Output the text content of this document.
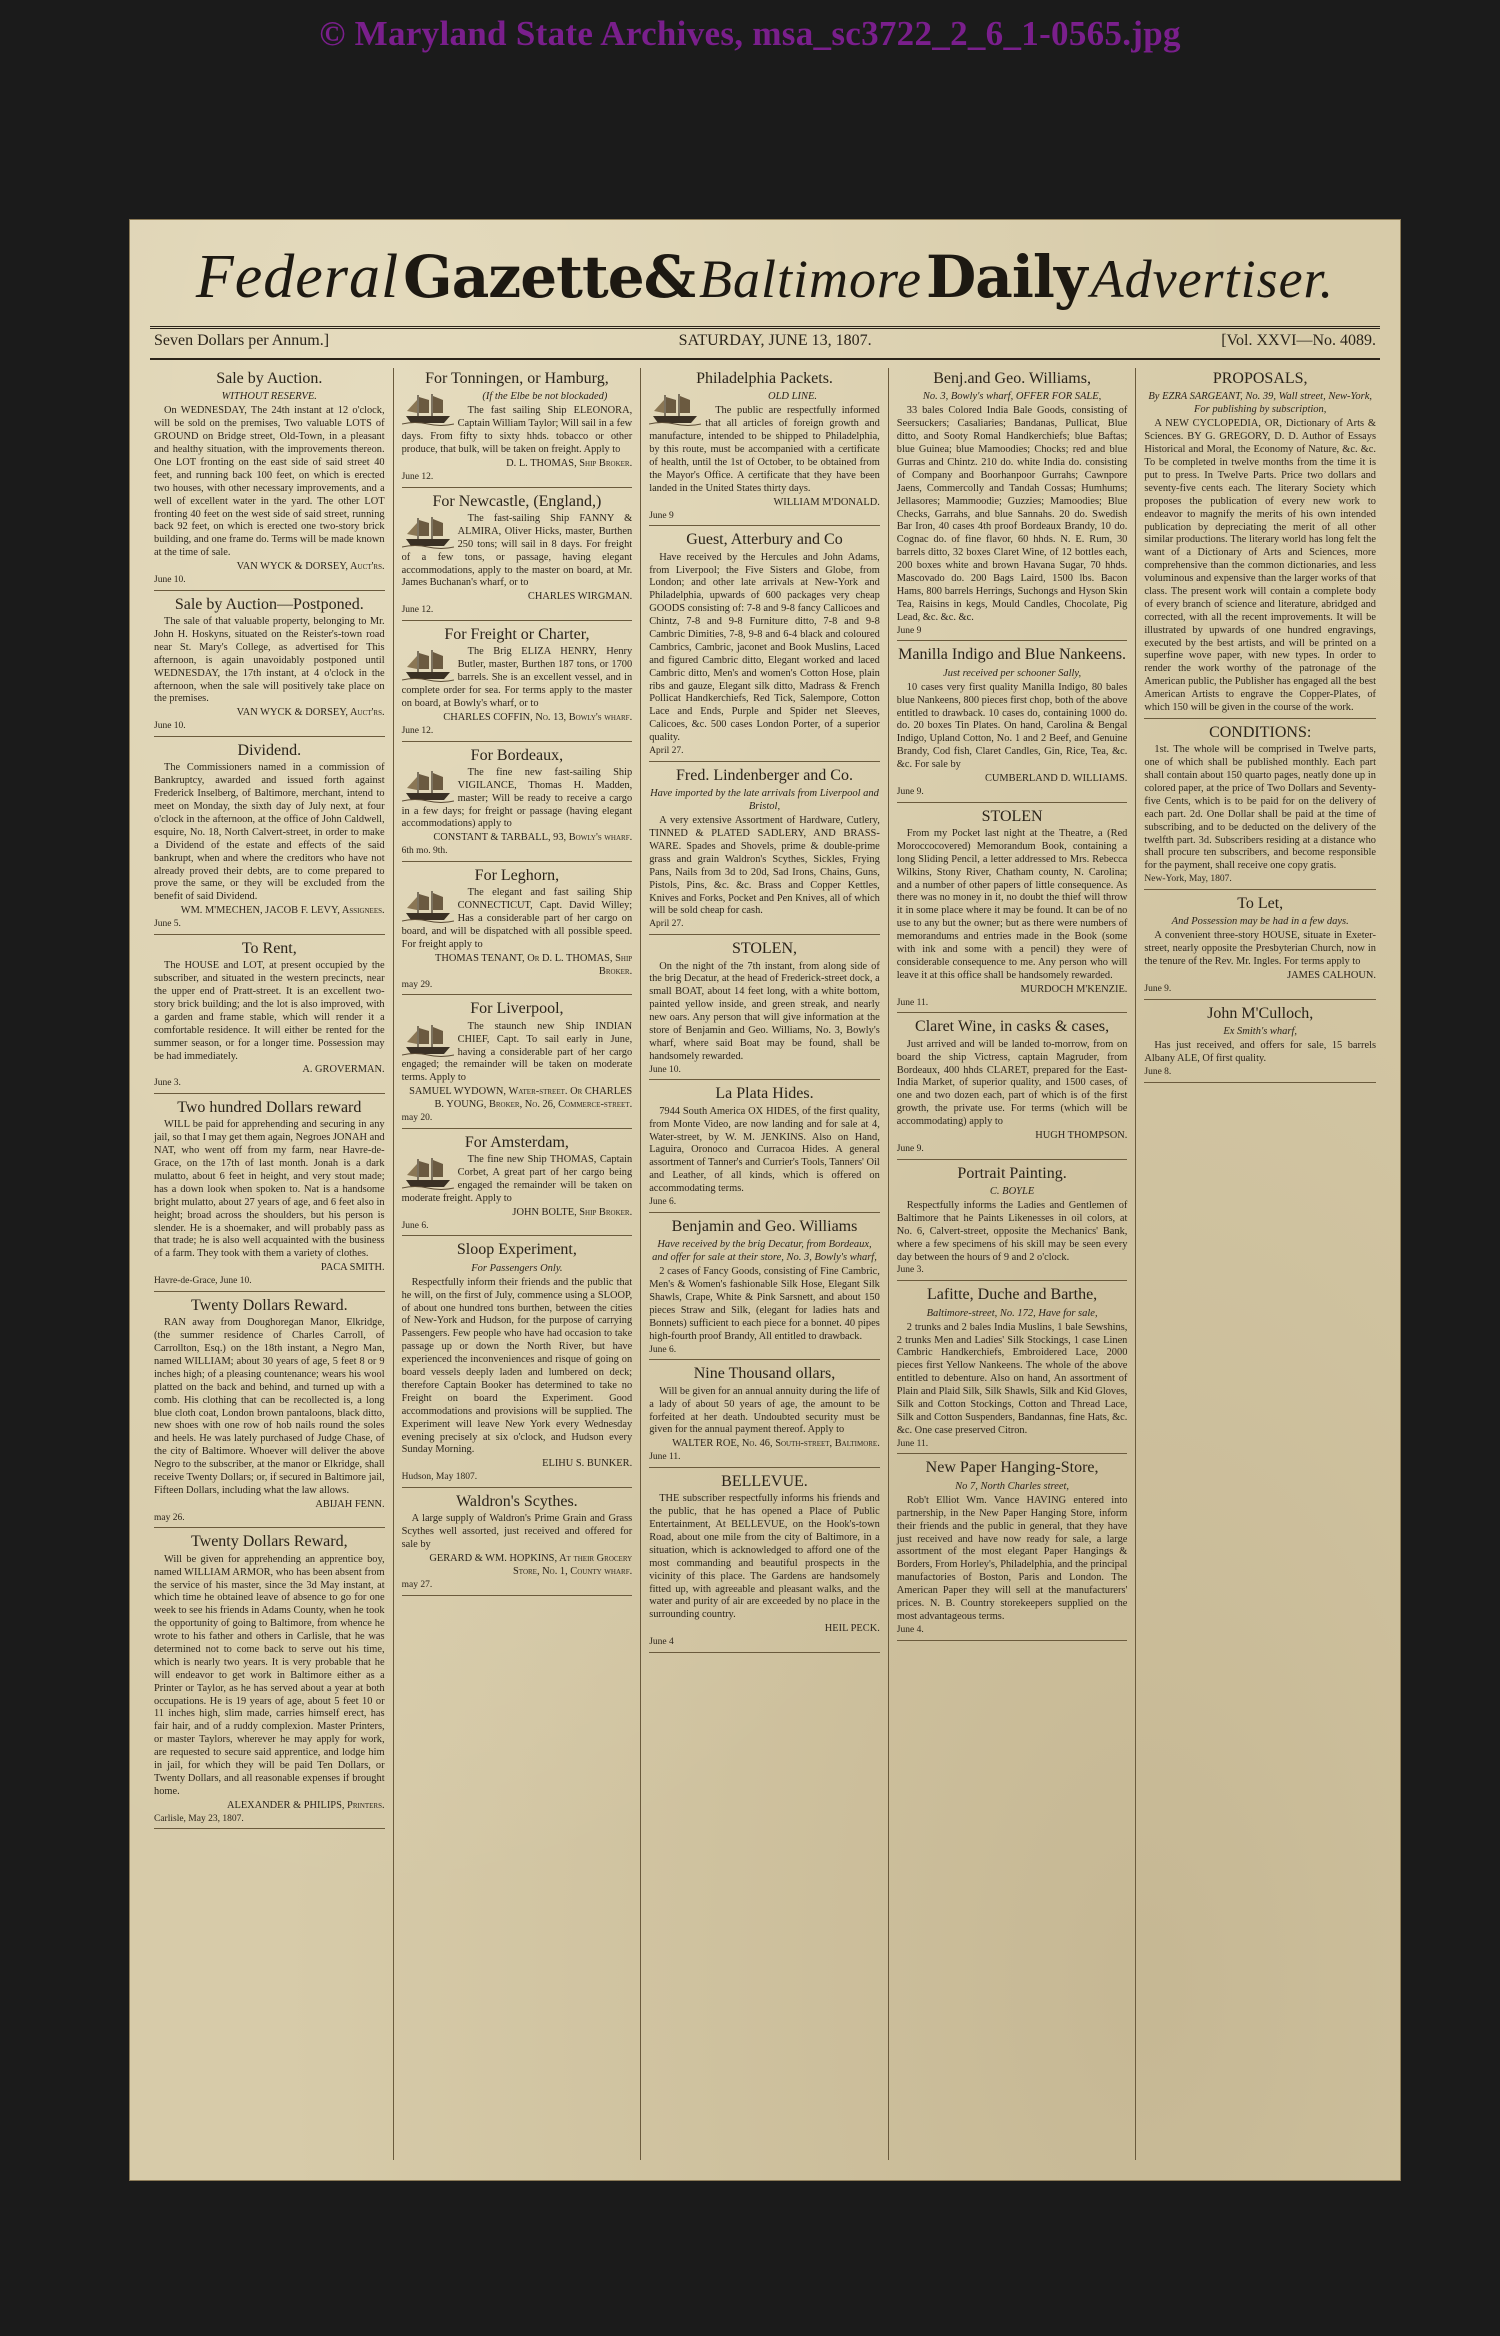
© Maryland State Archives, msa_sc3722_2_6_1-0565.jpg
Federal Gazette& Baltimore Daily Advertiser.
Seven Dollars per Annum.]	SATURDAY, JUNE 13, 1807.	[Vol. XXVI—No. 4089.
Sale by Auction.
WITHOUT RESERVE.

On WEDNESDAY, The 24th instant at 12 o'clock, will be sold on the premises, Two valuable LOTS of GROUND on Bridge street, Old-Town, in a pleasant and healthy situation, with the improvements thereon. One LOT fronting on the east side of said street 40 feet, and running back 100 feet, on which is erected two houses, with other necessary improvements, and a well of excellent water in the yard. The other LOT fronting 40 feet on the west side of said street, running back 92 feet, on which is erected one two-story brick building, and one frame do. Terms will be made known at the time of sale.

VAN WYCK & DORSEY, Auct'rs.
June 10.
Sale by Auction—Postponed.

The sale of that valuable property, belonging to Mr. John H. Hoskyns, situated on the Reister's-town road near St. Mary's College, as advertised for This afternoon, is again unavoidably postponed until WEDNESDAY, the 17th instant, at 4 o'clock in the afternoon, when the sale will positively take place on the premises.

VAN WYCK & DORSEY, Auct'rs.
June 10.
Dividend.

The Commissioners named in a commission of Bankruptcy, awarded and issued forth against Frederick Inselberg, of Baltimore, merchant, intend to meet on Monday, the sixth day of July next, at four o'clock in the afternoon, at the office of John Caldwell, esquire, No. 18, North Calvert-street, in order to make a Dividend of the estate and effects of the said bankrupt, when and where the creditors who have not already proved their debts, are to come prepared to prove the same, or they will be excluded from the benefit of said Dividend.

WM. M'MECHEN, JACOB F. LEVY, Assignees.
June 5.
To Rent,

The HOUSE and LOT, at present occupied by the subscriber, and situated in the western precincts, near the upper end of Pratt-street. It is an excellent two-story brick building; and the lot is also improved, with a garden and frame stable, which will render it a comfortable residence. It will either be rented for the summer season, or for a longer time. Possession may be had immediately.

A. GROVERMAN.
June 3.
Two hundred Dollars reward

WILL be paid for apprehending and securing in any jail, so that I may get them again, Negroes JONAH and NAT, who went off from my farm, near Havre-de-Grace, on the 17th of last month. Jonah is a dark mulatto, about 6 feet in height, and very stout made; has a down look when spoken to. Nat is a handsome bright mulatto, about 27 years of age, and 6 feet also in height; broad across the shoulders, but his person is slender. He is a shoemaker, and will probably pass as that trade; he is also well acquainted with the business of a farm. They took with them a variety of clothes.

PACA SMITH.
Havre-de-Grace, June 10.
Twenty Dollars Reward.

RAN away from Doughoregan Manor, Elkridge, (the summer residence of Charles Carroll, of Carrollton, Esq.) on the 18th instant, a Negro Man, named WILLIAM; about 30 years of age, 5 feet 8 or 9 inches high; of a pleasing countenance; wears his wool platted on the back and behind, and turned up with a comb. His clothing that can be recollected is, a long blue cloth coat, London brown pantaloons, black ditto, new shoes with one row of hob nails round the soles and heels. He was lately purchased of Judge Chase, of the city of Baltimore. Whoever will deliver the above Negro to the subscriber, at the manor or Elkridge, shall receive Twenty Dollars; or, if secured in Baltimore jail, Fifteen Dollars, including what the law allows.

ABIJAH FENN.
may 26.
Twenty Dollars Reward,

Will be given for apprehending an apprentice boy, named WILLIAM ARMOR, who has been absent from the service of his master, since the 3d May instant, at which time he obtained leave of absence to go for one week to see his friends in Adams County, when he took the opportunity of going to Baltimore, from whence he wrote to his father and others in Carlisle, that he was determined not to come back to serve out his time, which is nearly two years. It is very probable that he will endeavor to get work in Baltimore either as a Printer or Taylor, as he has served about a year at both occupations. He is 19 years of age, about 5 feet 10 or 11 inches high, slim made, carries himself erect, has fair hair, and of a ruddy complexion. Master Printers, or master Taylors, wherever he may apply for work, are requested to secure said apprentice, and lodge him in jail, for which they will be paid Ten Dollars, or Twenty Dollars, and all reasonable expenses if brought home.

ALEXANDER & PHILIPS, Printers.
Carlisle, May 23, 1807.
For Tonningen, or Hamburg,
(If the Elbe be not blockaded)

The fast sailing Ship ELEONORA, Captain William Taylor; Will sail in a few days. From fifty to sixty hhds. tobacco or other produce, that bulk, will be taken on freight. Apply to

D. L. THOMAS, Ship Broker.
June 12.
For Newcastle, (England,)

The fast-sailing Ship FANNY & ALMIRA, Oliver Hicks, master, Burthen 250 tons; will sail in 8 days. For freight of a few tons, or passage, having elegant accommodations, apply to the master on board, at Mr. James Buchanan's wharf, or to

CHARLES WIRGMAN.
June 12.
For Freight or Charter,

The Brig ELIZA HENRY, Henry Butler, master, Burthen 187 tons, or 1700 barrels. She is an excellent vessel, and in complete order for sea. For terms apply to the master on board, at Bowly's wharf, or to

CHARLES COFFIN, No. 13, Bowly's wharf.
June 12.
For Bordeaux,

The fine new fast-sailing Ship VIGILANCE, Thomas H. Madden, master; Will be ready to receive a cargo in a few days; for freight or passage (having elegant accommodations) apply to

CONSTANT & TARBALL, 93, Bowly's wharf.
6th mo. 9th.
For Leghorn,

The elegant and fast sailing Ship CONNECTICUT, Capt. David Willey; Has a considerable part of her cargo on board, and will be dispatched with all possible speed. For freight apply to

THOMAS TENANT, Or D. L. THOMAS, Ship Broker.
may 29.
For Liverpool,

The staunch new Ship INDIAN CHIEF, Capt. To sail early in June, having a considerable part of her cargo engaged; the remainder will be taken on moderate terms. Apply to

SAMUEL WYDOWN, Water-street. Or CHARLES B. YOUNG, Broker, No. 26, Commerce-street.
may 20.
For Amsterdam,

The fine new Ship THOMAS, Captain Corbet, A great part of her cargo being engaged the remainder will be taken on moderate freight. Apply to

JOHN BOLTE, Ship Broker.
June 6.
Sloop Experiment,
For Passengers Only.

Respectfully inform their friends and the public that he will, on the first of July, commence using a SLOOP, of about one hundred tons burthen, between the cities of New-York and Hudson, for the purpose of carrying Passengers. Few people who have had occasion to take passage up or down the North River, but have experienced the inconveniences and risque of going on board vessels deeply laden and lumbered on deck; therefore Captain Booker has determined to take no Freight on board the Experiment. Good accommodations and provisions will be supplied. The Experiment will leave New York every Wednesday evening precisely at six o'clock, and Hudson every Sunday Morning.

ELIHU S. BUNKER.
Hudson, May 1807.
Waldron's Scythes.

A large supply of Waldron's Prime Grain and Grass Scythes well assorted, just received and offered for sale by

GERARD & WM. HOPKINS, At their Grocery Store, No. 1, County wharf.
may 27.
Philadelphia Packets.
OLD LINE.

The public are respectfully informed that all articles of foreign growth and manufacture, intended to be shipped to Philadelphia, by this route, must be accompanied with a certificate of health, until the 1st of October, to be obtained from the Mayor's Office. A certificate that they have been landed in the United States thirty days.

WILLIAM M'DONALD.
June 9
Guest, Atterbury and Co

Have received by the Hercules and John Adams, from Liverpool; the Five Sisters and Globe, from London; and other late arrivals at New-York and Philadelphia, upwards of 600 packages very cheap GOODS consisting of: 7-8 and 9-8 fancy Callicoes and Chintz, 7-8 and 9-8 Furniture ditto, 7-8 and 9-8 Cambric Dimities, 7-8, 9-8 and 6-4 black and coloured Cambrics, Cambric, jaconet and Book Muslins, Laced and figured Cambric ditto, Elegant worked and laced Cambric ditto, Men's and women's Cotton Hose, plain ribs and gauze, Elegant silk ditto, Madrass & French Pollicat Handkerchiefs, Red Tick, Salempore, Cotton Lace and Ends, Purple and Spider net Sleeves, Calicoes, &c. 500 cases London Porter, of a superior quality.

April 27.
Fred. Lindenberger and Co.
Have imported by the late arrivals from Liverpool and Bristol,

A very extensive Assortment of Hardware, Cutlery, TINNED & PLATED SADLERY, AND BRASS-WARE. Spades and Shovels, prime & double-prime grass and grain Waldron's Scythes, Sickles, Frying Pans, Nails from 3d to 20d, Sad Irons, Chains, Guns, Pistols, Pins, &c. &c. Brass and Copper Kettles, Knives and Forks, Pocket and Pen Knives, all of which will be sold cheap for cash.

April 27.
STOLEN,

On the night of the 7th instant, from along side of the brig Decatur, at the head of Frederick-street dock, a small BOAT, about 14 feet long, with a white bottom, painted yellow inside, and green streak, and nearly new oars. Any person that will give information at the store of Benjamin and Geo. Williams, No. 3, Bowly's wharf, where said Boat may be found, shall be handsomely rewarded.

June 10.
La Plata Hides.

7944 South America OX HIDES, of the first quality, from Monte Video, are now landing and for sale at 4, Water-street, by W. M. JENKINS. Also on Hand, Laguira, Oronoco and Curracoa Hides. A general assortment of Tanner's and Currier's Tools, Tanners' Oil and Leather, of all kinds, which is offered on accommodating terms.

June 6.
Benjamin and Geo. Williams
Have received by the brig Decatur, from Bordeaux, and offer for sale at their store, No. 3, Bowly's wharf,

2 cases of Fancy Goods, consisting of Fine Cambric, Men's & Women's fashionable Silk Hose, Elegant Silk Shawls, Crape, White & Pink Sarsnett, and about 150 pieces Straw and Silk, (elegant for ladies hats and Bonnets) sufficient to each piece for a bonnet. 40 pipes high-fourth proof Brandy, All entitled to drawback.

June 6.
Nine Thousand ollars,

Will be given for an annual annuity during the life of a lady of about 50 years of age, the amount to be forfeited at her death. Undoubted security must be given for the annual payment thereof. Apply to

WALTER ROE, No. 46, South-street, Baltimore.
June 11.
BELLEVUE.

THE subscriber respectfully informs his friends and the public, that he has opened a Place of Public Entertainment, At BELLEVUE, on the Hook's-town Road, about one mile from the city of Baltimore, in a situation, which is acknowledged to afford one of the most commanding and beautiful prospects in the vicinity of this place. The Gardens are handsomely fitted up, with agreeable and pleasant walks, and the water and purity of air are exceeded by no place in the surrounding country.

HEIL PECK.
June 4
Benj.and Geo. Williams,
No. 3, Bowly's wharf, OFFER FOR SALE,

33 bales Colored India Bale Goods, consisting of Seersuckers; Casaliaries; Bandanas, Pullicat, Blue ditto, and Sooty Romal Handkerchiefs; blue Baftas; blue Guinea; blue Mamoodies; Chocks; red and blue Gurras and Chintz. 210 do. white India do. consisting of Company and Boorhanpoor Gurrahs; Cawnpore Jaens, Commercolly and Tandah Cossas; Humhums; Jellasores; Mammoodie; Guzzies; Mamoodies; Blue Checks, Garrahs, and blue Sannahs. 20 do. Swedish Bar Iron, 40 cases 4th proof Bordeaux Brandy, 10 do. Cognac do. of fine flavor, 60 hhds. N. E. Rum, 30 barrels ditto, 32 boxes Claret Wine, of 12 bottles each, 200 boxes white and brown Havana Sugar, 70 hhds. Mascovado do. 200 Bags Laird, 1500 lbs. Bacon Hams, 800 barrels Herrings, Suchongs and Hyson Skin Tea, Raisins in kegs, Mould Candles, Chocolate, Pig Lead, &c. &c. &c.

June 9
Manilla Indigo and Blue Nankeens.
Just received per schooner Sally,

10 cases very first quality Manilla Indigo, 80 bales blue Nankeens, 800 pieces first chop, both of the above entitled to drawback. 10 cases do, containing 1000 do. do. 20 boxes Tin Plates. On hand, Carolina & Bengal Indigo, Upland Cotton, No. 1 and 2 Beef, and Genuine Brandy, Cod fish, Claret Candles, Gin, Rice, Tea, &c. &c. For sale by

CUMBERLAND D. WILLIAMS.
June 9.
STOLEN

From my Pocket last night at the Theatre, a (Red Moroccocovered) Memorandum Book, containing a long Sliding Pencil, a letter addressed to Mrs. Rebecca Wilkins, Stony River, Chatham county, N. Carolina; and a number of other papers of little consequence. As there was no money in it, no doubt the thief will throw it in some place where it may be found. It can be of no use to any but the owner; but as there were numbers of memorandums and entries made in the Book (some with ink and some with a pencil) they were of considerable consequence to me. Any person who will leave it at this office shall be handsomely rewarded.

MURDOCH M'KENZIE.
June 11.
Claret Wine, in casks & cases,

Just arrived and will be landed to-morrow, from on board the ship Victress, captain Magruder, from Bordeaux, 400 hhds CLARET, prepared for the East-India Market, of superior quality, and 1500 cases, of one and two dozen each, part of which is of the first growth, the private use. For terms (which will be accommodating) apply to

HUGH THOMPSON.
June 9.
Portrait Painting.
C. BOYLE

Respectfully informs the Ladies and Gentlemen of Baltimore that he Paints Likenesses in oil colors, at No. 6, Calvert-street, opposite the Mechanics' Bank, where a few specimens of his skill may be seen every day between the hours of 9 and 2 o'clock.

June 3.
Lafitte, Duche and Barthe,
Baltimore-street, No. 172, Have for sale,

2 trunks and 2 bales India Muslins, 1 bale Sewshins, 2 trunks Men and Ladies' Silk Stockings, 1 case Linen Cambric Handkerchiefs, Embroidered Lace, 2000 pieces first Yellow Nankeens. The whole of the above entitled to debenture. Also on hand, An assortment of Plain and Plaid Silk, Silk Shawls, Silk and Kid Gloves, Silk and Cotton Stockings, Cotton and Thread Lace, Silk and Cotton Suspenders, Bandannas, fine Hats, &c. &c. One case preserved Citron.

June 11.
New Paper Hanging-Store,
No 7, North Charles street,

Rob't Elliot Wm. Vance HAVING entered into partnership, in the New Paper Hanging Store, inform their friends and the public in general, that they have just received and have now ready for sale, a large assortment of the most elegant Paper Hangings & Borders, From Horley's, Philadelphia, and the principal manufactories of Boston, Paris and London. The American Paper they will sell at the manufacturers' prices. N. B. Country storekeepers supplied on the most advantageous terms.

June 4.
PROPOSALS,
By EZRA SARGEANT, No. 39, Wall street, New-York, For publishing by subscription,

A NEW CYCLOPEDIA, OR, Dictionary of Arts & Sciences. BY G. GREGORY, D. D. Author of Essays Historical and Moral, the Economy of Nature, &c. &c. To be completed in twelve months from the time it is put to press. In Twelve Parts. Price two dollars and seventy-five cents each. The literary Society which proposes the publication of every new work to endeavor to magnify the merits of his own intended publication by depreciating the merit of all other similar productions. The literary world has long felt the want of a Dictionary of Arts and Sciences, more comprehensive than the common dictionaries, and less voluminous and expensive than the larger works of that class. The present work will contain a complete body of every branch of science and literature, abridged and corrected, with all the recent improvements. It will be illustrated by upwards of one hundred engravings, executed by the best artists, and will be printed on a superfine wove paper, with new types. In order to render the work worthy of the patronage of the American public, the Publisher has engaged all the best American Artists to engrave the Copper-Plates, of which 150 will be given in the course of the work.

CONDITIONS:

1st. The whole will be comprised in Twelve parts, one of which shall be published monthly. Each part shall contain about 150 quarto pages, neatly done up in colored paper, at the price of Two Dollars and Seventy-five Cents, which is to be paid for on the delivery of each part. 2d. One Dollar shall be paid at the time of subscribing, and to be deducted on the delivery of the twelfth part. 3d. Subscribers residing at a distance who shall procure ten subscribers, and become responsible for the payment, shall receive one copy gratis.

New-York, May, 1807.
To Let,
And Possession may be had in a few days.

A convenient three-story HOUSE, situate in Exeter-street, nearly opposite the Presbyterian Church, now in the tenure of the Rev. Mr. Ingles. For terms apply to

JAMES CALHOUN.
June 9.
John M'Culloch,
Ex Smith's wharf,

Has just received, and offers for sale, 15 barrels Albany ALE, Of first quality.

June 8.
